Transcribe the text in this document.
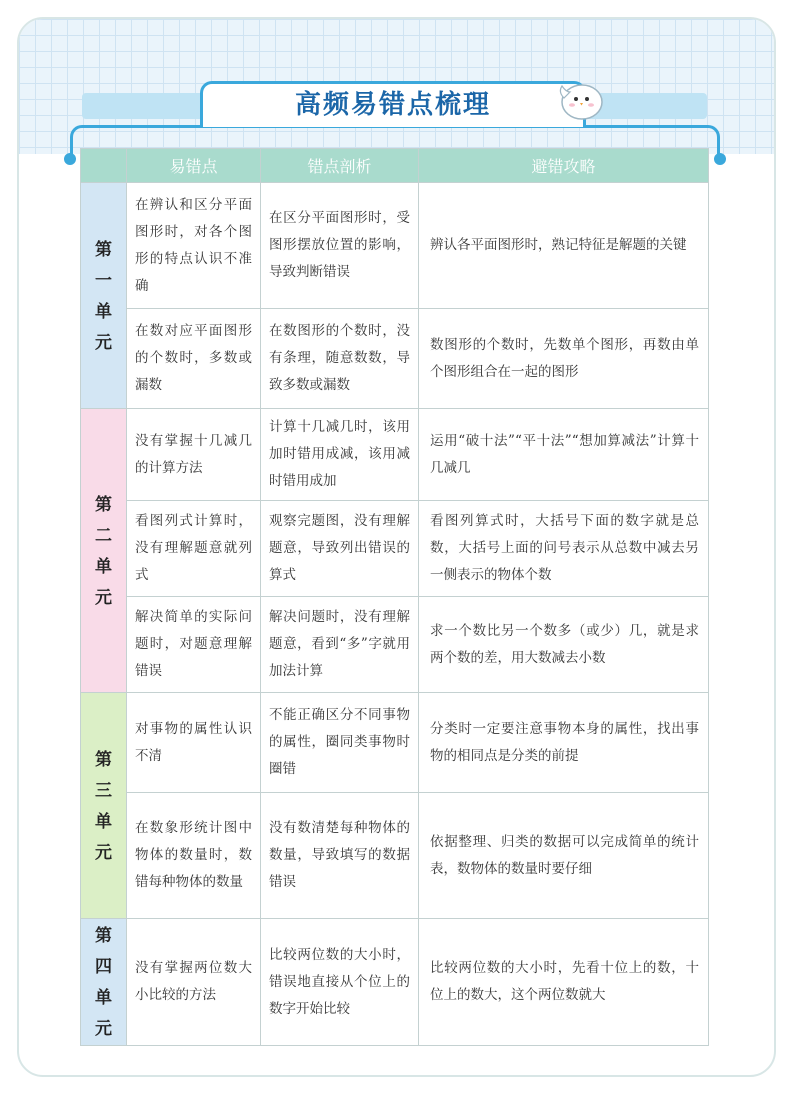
高频易错点梳理
	易错点	错点剖析	避错攻略

第一单元	在辨认和区分平面图形时，对各个图形的特点认识不准确	在区分平面图形时，受图形摆放位置的影响，导致判断错误	辨认各平面图形时，熟记特征是解题的关键
	在数对应平面图形的个数时，多数或漏数	在数图形的个数时，没有条理，随意数数，导致多数或漏数	数图形的个数时，先数单个图形，再数由单个图形组合在一起的图形

第二单元	没有掌握十几减几的计算方法	计算十几减几时，该用加时错用成减，该用减时错用成加	运用“破十法”“平十法”“想加算减法”计算十几减几
	看图列式计算时，没有理解题意就列式	观察完题图，没有理解题意，导致列出错误的算式	看图列算式时，大括号下面的数字就是总数，大括号上面的问号表示从总数中减去另一侧表示的物体个数
	解决简单的实际问题时，对题意理解错误	解决问题时，没有理解题意，看到“多”字就用加法计算	求一个数比另一个数多（或少）几，就是求两个数的差，用大数减去小数

第三单元	对事物的属性认识不清	不能正确区分不同事物的属性，圈同类事物时圈错	分类时一定要注意事物本身的属性，找出事物的相同点是分类的前提
	在数象形统计图中物体的数量时，数错每种物体的数量	没有数清楚每种物体的数量，导致填写的数据错误	依据整理、归类的数据可以完成简单的统计表，数物体的数量时要仔细

第四单元	没有掌握两位数大小比较的方法	比较两位数的大小时，错误地直接从个位上的数字开始比较	比较两位数的大小时，先看十位上的数，十位上的数大，这个两位数就大
